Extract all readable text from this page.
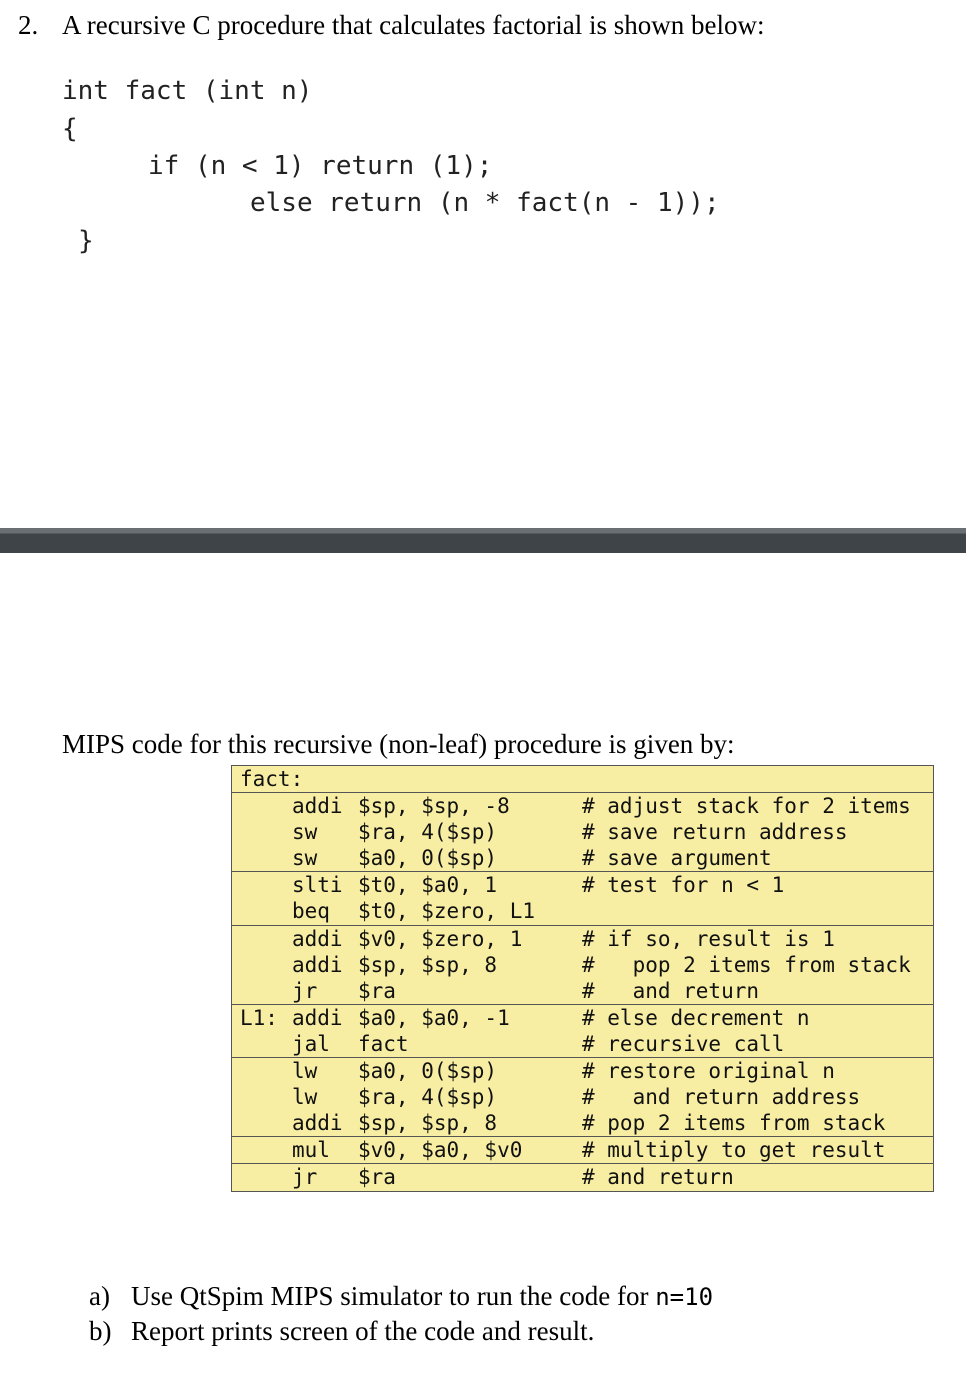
2. A recursive C procedure that calculates factorial is shown below:
int fact (int n)
{
if (n < 1) return (1);
else return (n * fact(n - 1));
}
MIPS code for this recursive (non-leaf) procedure is given by:
fact:
addi $sp, $sp, -8	# adjust stack for 2 items
sw $ra, 4($sp)	# save return address
sw $a0, 0($sp)	# save argument
slti $t0, $a0, 1	# test for n < 1
beq $t0, $zero, L1
addi $v0, $zero, 1	# if so, result is 1
addi $sp, $sp, 8	#   pop 2 items from stack
jr $ra	#   and return
L1: addi $a0, $a0, -1	# else decrement n
jal fact	# recursive call
lw $a0, 0($sp)	# restore original n
lw $ra, 4($sp)	#   and return address
addi $sp, $sp, 8	# pop 2 items from stack
mul $v0, $a0, $v0	# multiply to get result
jr $ra	# and return

a)
Use QtSpim MIPS simulator to run the code for n=10

b)
Report prints screen of the code and result.
